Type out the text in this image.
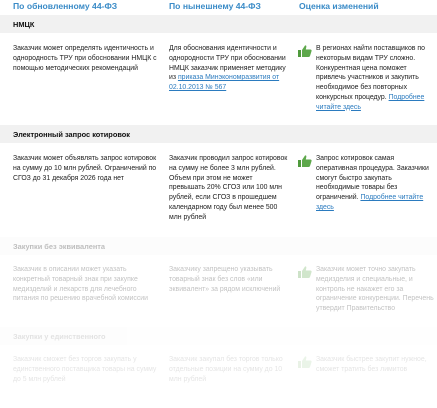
По обновленному 44-ФЗ	По нынешнему 44-ФЗ	Оценка изменений
НМЦК
Заказчик может определять идентичность и однородность ТРУ при обосновании НМЦК с помощью методических рекомендаций
Для обоснования идентичности и однородности ТРУ при обосновании НМЦК заказчик применяет методику из приказа Минэкономразвития от 02.10.2013 № 567
В регионах найти поставщиков по некоторым видам ТРУ сложно. Конкурентная цена поможет привлечь участников и закупить необходимое без повторных конкурсных процедур. Подробнее читайте здесь
Электронный запрос котировок
Заказчик может объявлять запрос котировок на сумму до 10 млн рублей. Ограничений по СГОЗ до 31 декабря 2026 года нет
Заказчик проводил запрос котировок на сумму не более 3 млн рублей. Объем при этом не может превышать 20% СГОЗ или 100 млн рублей, если СГОЗ в прошедшем календарном году был менее 500 млн рублей
Запрос котировок самая оперативная процедура. Заказчики смогут быстро закупать необходимые товары без ограничений. Подробнее читайте здесь
Закупки без эквивалента
Заказчик в описании может указать конкретный товарный знак при закупке медизделий и лекарств для лечебного питания по решению врачебной комиссии
Заказчику запрещено указывать товарный знак без слов «или эквивалент» за рядом исключений
Заказчик может точно закупать медизделия и специальные, и контроль не накажет его за ограничение конкуренции. Перечень утвердит Правительство
Закупки у единственного
Заказчик сможет без торгов закупать у единственного поставщика товары на сумму до 5 млн рублей
Заказчик закупал без торгов только отдельные позиции на сумму до 10 млн рублей
Заказчик быстрее закупит нужное, сможет тратить без лимитов
